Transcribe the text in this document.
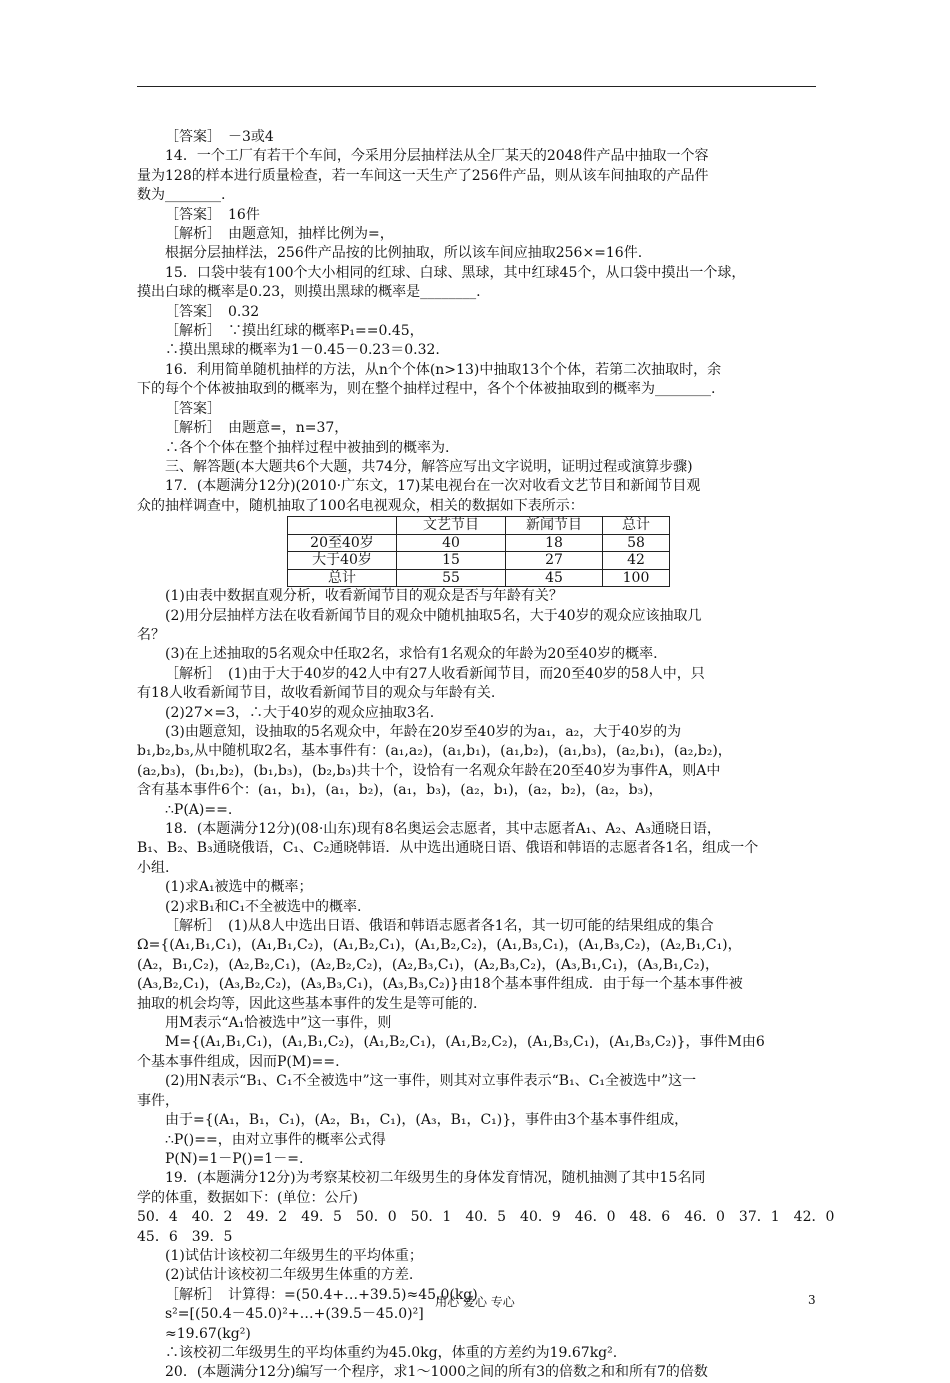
［答案］　－3或4

14．一个工厂有若干个车间，今采用分层抽样法从全厂某天的2048件产品中抽取一个容

量为128的样本进行质量检查，若一车间这一天生产了256件产品，则从该车间抽取的产品件

数为________.

［答案］　16件

［解析］　由题意知，抽样比例为=，

根据分层抽样法，256件产品按的比例抽取，所以该车间应抽取256×=16件.

15．口袋中装有100个大小相同的红球、白球、黑球，其中红球45个，从口袋中摸出一个球，

摸出白球的概率是0.23，则摸出黑球的概率是________.

［答案］　0.32

［解析］　∵摸出红球的概率P₁==0.45，

∴摸出黑球的概率为1－0.45－0.23＝0.32.

16．利用简单随机抽样的方法，从n个个体(n>13)中抽取13个个体，若第二次抽取时，余

下的每个个体被抽取到的概率为，则在整个抽样过程中，各个个体被抽取到的概率为________.

［答案］

［解析］　由题意=，n=37，

∴各个个体在整个抽样过程中被抽到的概率为.

三、解答题(本大题共6个大题，共74分，解答应写出文字说明，证明过程或演算步骤)

17．(本题满分12分)(2010·广东文，17)某电视台在一次对收看文艺节目和新闻节目观

众的抽样调查中，随机抽取了100名电视观众，相关的数据如下表所示：

	文艺节目	新闻节目	总计
20至40岁	40	18	58
大于40岁	15	27	42
总计	55	45	100

(1)由表中数据直观分析，收看新闻节目的观众是否与年龄有关？

(2)用分层抽样方法在收看新闻节目的观众中随机抽取5名，大于40岁的观众应该抽取几

名？

(3)在上述抽取的5名观众中任取2名，求恰有1名观众的年龄为20至40岁的概率.

［解析］　(1)由于大于40岁的42人中有27人收看新闻节目，而20至40岁的58人中，只

有18人收看新闻节目，故收看新闻节目的观众与年龄有关.

(2)27×=3，∴大于40岁的观众应抽取3名.

(3)由题意知，设抽取的5名观众中，年龄在20岁至40岁的为a₁，a₂，大于40岁的为

b₁,b₂,b₃,从中随机取2名，基本事件有：(a₁,a₂)，(a₁,b₁)，(a₁,b₂)，(a₁,b₃)，(a₂,b₁)，(a₂,b₂)，

(a₂,b₃)，(b₁,b₂)，(b₁,b₃)，(b₂,b₃)共十个，设恰有一名观众年龄在20至40岁为事件A，则A中

含有基本事件6个：(a₁，b₁)，(a₁，b₂)，(a₁，b₃)，(a₂，b₁)，(a₂，b₂)，(a₂，b₃)，

∴P(A)==.

18．(本题满分12分)(08·山东)现有8名奥运会志愿者，其中志愿者A₁、A₂、A₃通晓日语，

B₁、B₂、B₃通晓俄语，C₁、C₂通晓韩语．从中选出通晓日语、俄语和韩语的志愿者各1名，组成一个

小组.

(1)求A₁被选中的概率；

(2)求B₁和C₁不全被选中的概率.

［解析］　(1)从8人中选出日语、俄语和韩语志愿者各1名，其一切可能的结果组成的集合

Ω={(A₁,B₁,C₁)，(A₁,B₁,C₂)，(A₁,B₂,C₁)，(A₁,B₂,C₂)，(A₁,B₃,C₁)，(A₁,B₃,C₂)，(A₂,B₁,C₁)，

(A₂，B₁,C₂)，(A₂,B₂,C₁)，(A₂,B₂,C₂)，(A₂,B₃,C₁)，(A₂,B₃,C₂)，(A₃,B₁,C₁)，(A₃,B₁,C₂)，

(A₃,B₂,C₁)，(A₃,B₂,C₂)，(A₃,B₃,C₁)，(A₃,B₃,C₂)}由18个基本事件组成．由于每一个基本事件被

抽取的机会均等，因此这些基本事件的发生是等可能的.

用M表示“A₁恰被选中”这一事件，则

M={(A₁,B₁,C₁)，(A₁,B₁,C₂)，(A₁,B₂,C₁)，(A₁,B₂,C₂)，(A₁,B₃,C₁)，(A₁,B₃,C₂)}，事件M由6

个基本事件组成，因而P(M)==.

(2)用N表示“B₁、C₁不全被选中”这一事件，则其对立事件表示“B₁、C₁全被选中”这一

事件，

由于={(A₁，B₁，C₁)，(A₂，B₁，C₁)，(A₃，B₁，C₁)}，事件由3个基本事件组成，

∴P()==，由对立事件的概率公式得

P(N)=1－P()=1－=.

19．(本题满分12分)为考察某校初二年级男生的身体发育情况，随机抽测了其中15名同

学的体重，数据如下：(单位：公斤)

50．4　40．2　49．2　49．5　50．0　50．1　40．5　40．9　46．0　48．6　46．0　37．1　42．0

45．6　39．5

(1)试估计该校初二年级男生的平均体重；

(2)试估计该校初二年级男生体重的方差.

［解析］　计算得：=(50.4+…+39.5)≈45.0(kg)

s²=[(50.4－45.0)²+…+(39.5－45.0)²]

≈19.67(kg²)

∴该校初二年级男生的平均体重约为45.0kg，体重的方差约为19.67kg².

20．(本题满分12分)编写一个程序，求1～1000之间的所有3的倍数之和和所有7的倍数

用心 爱心 专心	3
